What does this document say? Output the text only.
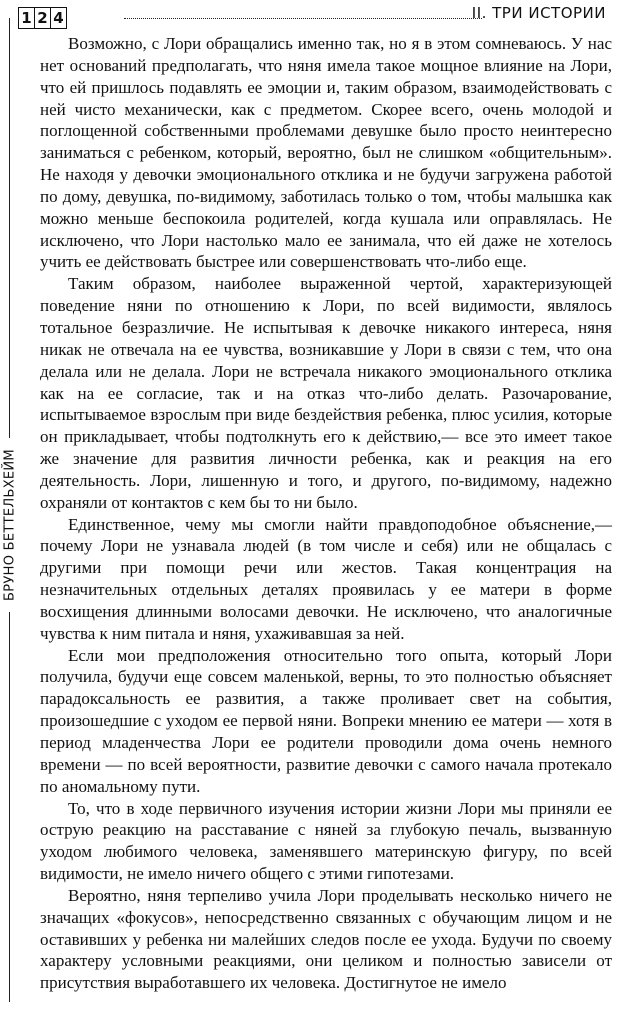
1 2 4	II. ТРИ ИСТОРИИ
БРУНО БЕТТЕЛЬХЕЙМ

Возможно, с Лори обращались именно так, но я в этом сомневаюсь. У нас нет оснований предполагать, что няня имела такое мощное влияние на Лори, что ей пришлось подавлять ее эмоции и, таким образом, взаимодействовать с ней чисто механически, как с предметом. Скорее всего, очень молодой и поглощенной собственными проблемами девушке было просто неинтересно заниматься с ребенком, который, вероятно, был не слишком «общительным». Не находя у девочки эмоционального отклика и не будучи загружена работой по дому, девушка, по-видимому, заботилась только о том, чтобы малышка как можно меньше беспокоила родителей, когда кушала или оправлялась. Не исключено, что Лори настолько мало ее занимала, что ей даже не хотелось учить ее действовать быстрее или совершенствовать что-либо еще.

Таким образом, наиболее выраженной чертой, характеризующей поведение няни по отношению к Лори, по всей видимости, являлось тотальное безразличие. Не испытывая к девочке никакого интереса, няня никак не отвечала на ее чувства, возникавшие у Лори в связи с тем, что она делала или не делала. Лори не встречала никакого эмоционального отклика как на ее согласие, так и на отказ что-либо делать. Разочарование, испытываемое взрослым при виде бездействия ребенка, плюс усилия, которые он прикладывает, чтобы подтолкнуть его к действию,— все это имеет такое же значение для развития личности ребенка, как и реакция на его деятельность. Лори, лишенную и того, и другого, по-видимому, надежно охраняли от контактов с кем бы то ни было.

Единственное, чему мы смогли найти правдоподобное объяснение,— почему Лори не узнавала людей (в том числе и себя) или не общалась с другими при помощи речи или жестов. Такая концентрация на незначительных отдельных деталях проявилась у ее матери в форме восхищения длинными волосами девочки. Не исключено, что аналогичные чувства к ним питала и няня, ухаживавшая за ней.

Если мои предположения относительно того опыта, который Лори получила, будучи еще совсем маленькой, верны, то это полностью объясняет парадоксальность ее развития, а также проливает свет на события, произошедшие с уходом ее первой няни. Вопреки мнению ее матери — хотя в период младенчества Лори ее родители проводили дома очень немного времени — по всей вероятности, развитие девочки с самого начала протекало по аномальному пути.

То, что в ходе первичного изучения истории жизни Лори мы приняли ее острую реакцию на расставание с няней за глубокую печаль, вызванную уходом любимого человека, заменявшего материнскую фигуру, по всей видимости, не имело ничего общего с этими гипотезами.

Вероятно, няня терпеливо учила Лори проделывать несколько ничего не значащих «фокусов», непосредственно связанных с обучающим лицом и не оставивших у ребенка ни малейших следов после ее ухода. Будучи по своему характеру условными реакциями, они целиком и полностью зависели от присутствия выработавшего их человека. Достигнутое не имело
